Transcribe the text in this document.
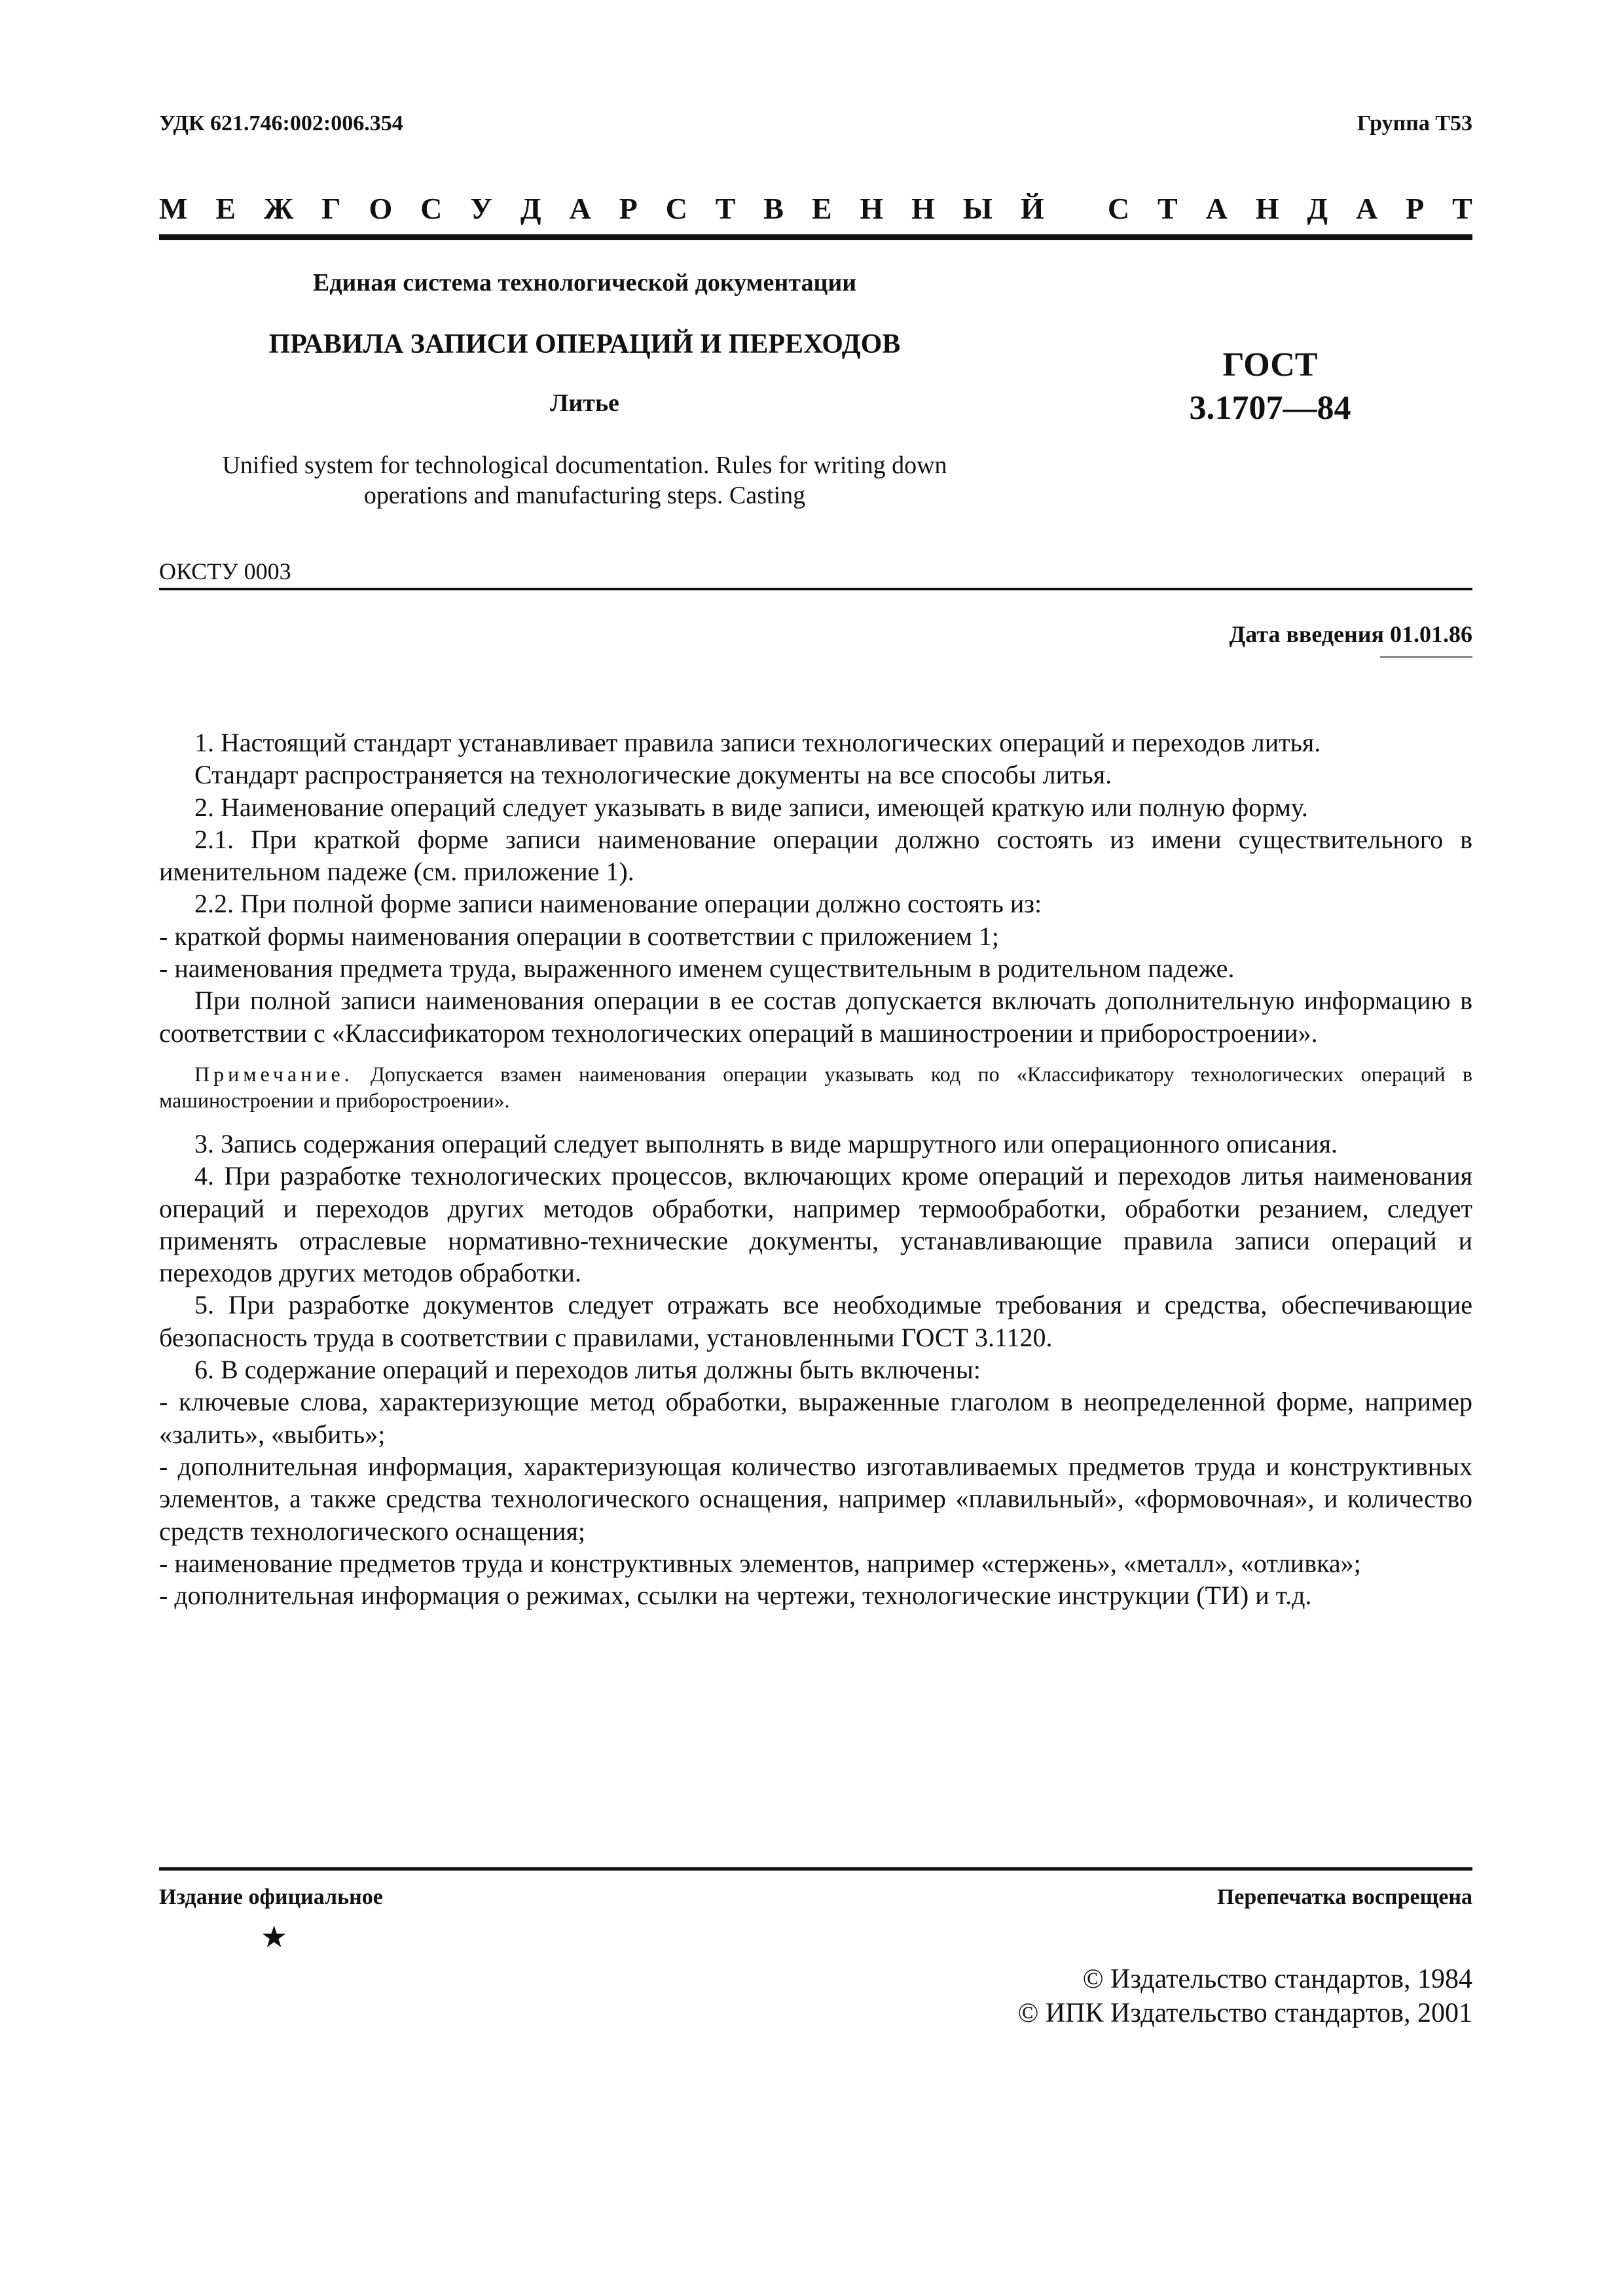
УДК 621.746:002:006.354	Группа Т53
М Е Ж Г О С У Д А Р С Т В Е Н Н Ы Й
С Т А Н Д А Р Т
Единая система технологической документации
ПРАВИЛА ЗАПИСИ ОПЕРАЦИЙ И ПЕРЕХОДОВ
Литье
Unified system for technological documentation. Rules for writing down
operations and manufacturing steps. Casting
ГОСТ
3.1707—84
ОКСТУ 0003
Дата введения 01.01.86

1. Настоящий стандарт устанавливает правила записи технологических операций и переходов литья.

Стандарт распространяется на технологические документы на все способы литья.

2. Наименование операций следует указывать в виде записи, имеющей краткую или полную форму.

2.1. При краткой форме записи наименование операции должно состоять из имени существительного в именительном падеже (см. приложение 1).

2.2. При полной форме записи наименование операции должно состоять из:

- краткой формы наименования операции в соответствии с приложением 1;

- наименования предмета труда, выраженного именем существительным в родительном падеже.

При полной записи наименования операции в ее состав допускается включать дополнительную информацию в соответствии с «Классификатором технологических операций в машиностроении и приборостроении».

Примечание. Допускается взамен наименования операции указывать код по «Классификатору технологических операций в машиностроении и приборостроении».

3. Запись содержания операций следует выполнять в виде маршрутного или операционного описания.

4. При разработке технологических процессов, включающих кроме операций и переходов литья наименования операций и переходов других методов обработки, например термообработки, обработки резанием, следует применять отраслевые нормативно-технические документы, устанавливающие правила записи операций и переходов других методов обработки.

5. При разработке документов следует отражать все необходимые требования и средства, обеспечивающие безопасность труда в соответствии с правилами, установленными ГОСТ 3.1120.

6. В содержание операций и переходов литья должны быть включены:

- ключевые слова, характеризующие метод обработки, выраженные глаголом в неопределенной форме, например «залить», «выбить»;

- дополнительная информация, характеризующая количество изготавливаемых предметов труда и конструктивных элементов, а также средства технологического оснащения, например «плавильный», «формовочная», и количество средств технологического оснащения;

- наименование предметов труда и конструктивных элементов, например «стержень», «металл», «отливка»;

- дополнительная информация о режимах, ссылки на чертежи, технологические инструкции (ТИ) и т.д.

Издание официальное	Перепечатка воспрещена
★
© Издательство стандартов, 1984
© ИПК Издательство стандартов, 2001
